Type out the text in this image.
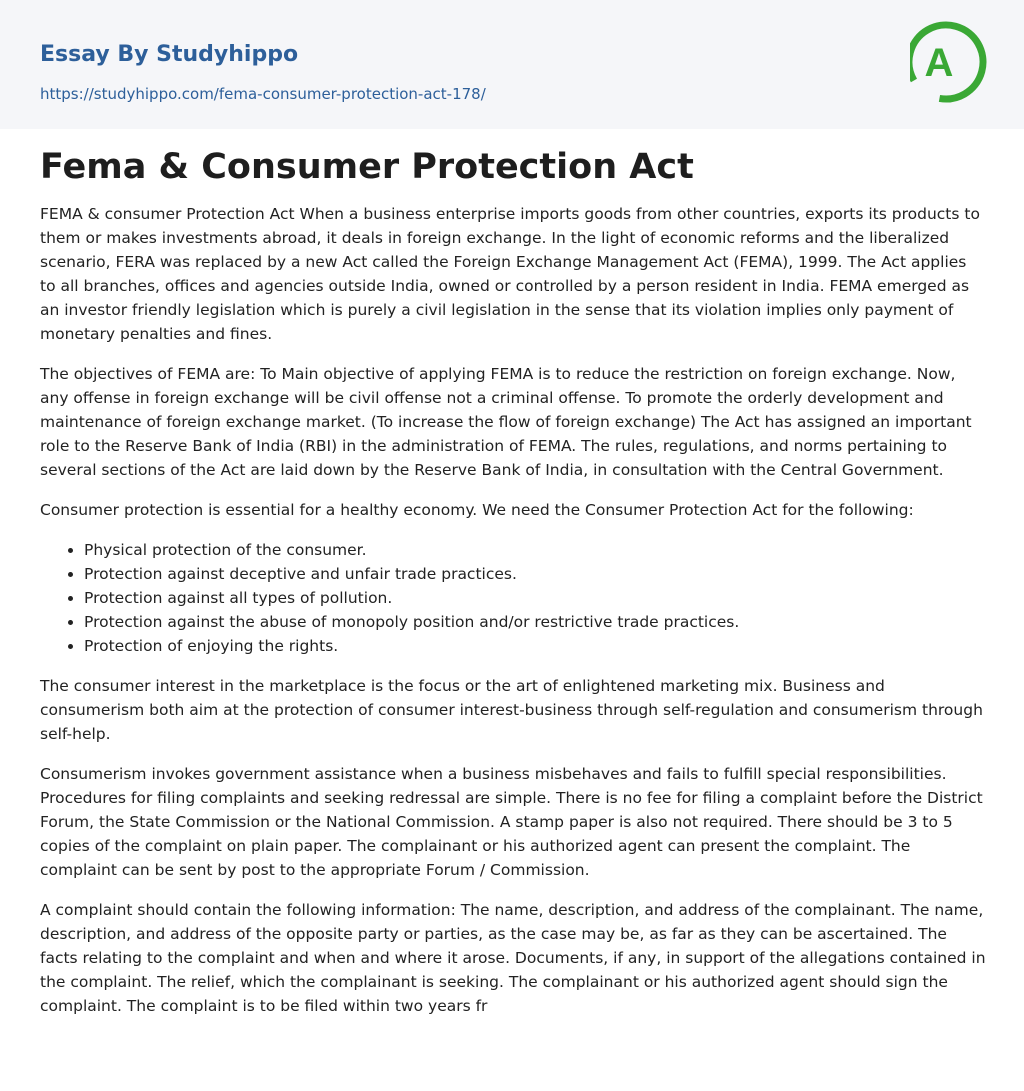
Essay By Studyhippo
https://studyhippo.com/fema-consumer-protection-act-178/
A
Fema & Consumer Protection Act

FEMA & consumer Protection Act When a business enterprise imports goods from other countries, exports its products to them or makes investments abroad, it deals in foreign exchange. In the light of economic reforms and the liberalized scenario, FERA was replaced by a new Act called the Foreign Exchange Management Act (FEMA), 1999. The Act applies to all branches, offices and agencies outside India, owned or controlled by a person resident in India. FEMA emerged as an investor friendly legislation which is purely a civil legislation in the sense that its violation implies only payment of monetary penalties and fines.

The objectives of FEMA are: To Main objective of applying FEMA is to reduce the restriction on foreign exchange. Now, any offense in foreign exchange will be civil offense not a criminal offense. To promote the orderly development and maintenance of foreign exchange market. (To increase the flow of foreign exchange) The Act has assigned an important role to the Reserve Bank of India (RBI) in the administration of FEMA. The rules, regulations, and norms pertaining to several sections of the Act are laid down by the Reserve Bank of India, in consultation with the Central Government.

Consumer protection is essential for a healthy economy. We need the Consumer Protection Act for the following:

• Physical protection of the consumer.
• Protection against deceptive and unfair trade practices.
• Protection against all types of pollution.
• Protection against the abuse of monopoly position and/or restrictive trade practices.
• Protection of enjoying the rights.

The consumer interest in the marketplace is the focus or the art of enlightened marketing mix. Business and consumerism both aim at the protection of consumer interest-business through self-regulation and consumerism through self-help.

Consumerism invokes government assistance when a business misbehaves and fails to fulfill special responsibilities. Procedures for filing complaints and seeking redressal are simple. There is no fee for filing a complaint before the District Forum, the State Commission or the National Commission. A stamp paper is also not required. There should be 3 to 5 copies of the complaint on plain paper. The complainant or his authorized agent can present the complaint. The complaint can be sent by post to the appropriate Forum / Commission.

A complaint should contain the following information: The name, description, and address of the complainant. The name, description, and address of the opposite party or parties, as the case may be, as far as they can be ascertained. The facts relating to the complaint and when and where it arose. Documents, if any, in support of the allegations contained in the complaint. The relief, which the complainant is seeking. The complainant or his authorized agent should sign the complaint. The complaint is to be filed within two years fr
